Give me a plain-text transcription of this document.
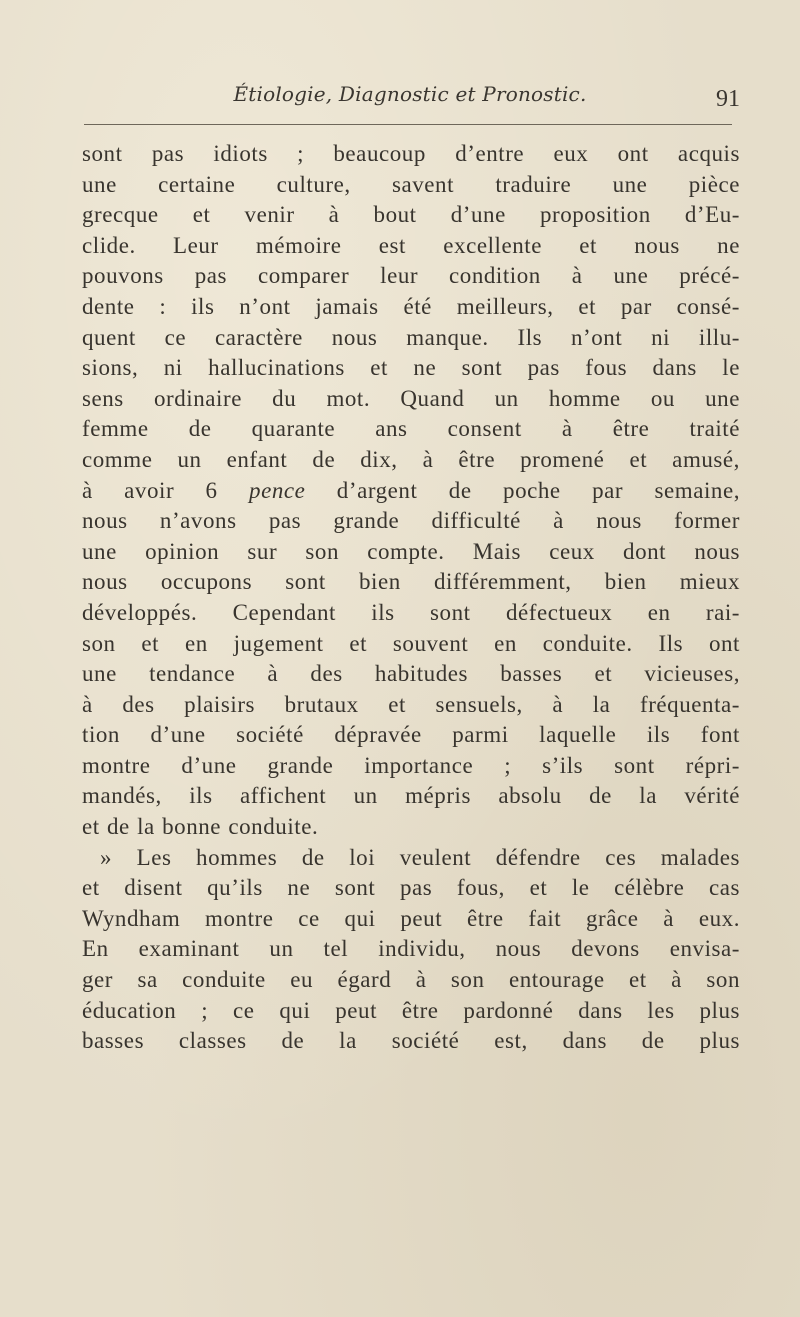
Étiologie, Diagnostic et Pronostic.	91
sont pas idiots ; beaucoup d’entre eux ont acquis
une certaine culture, savent traduire une pièce
grecque et venir à bout d’une proposition d’Eu-
clide. Leur mémoire est excellente et nous ne
pouvons pas comparer leur condition à une précé-
dente : ils n’ont jamais été meilleurs, et par consé-
quent ce caractère nous manque. Ils n’ont ni illu-
sions, ni hallucinations et ne sont pas fous dans le
sens ordinaire du mot. Quand un homme ou une
femme de quarante ans consent à être traité
comme un enfant de dix, à être promené et amusé,
à avoir 6 pence d’argent de poche par semaine,
nous n’avons pas grande difficulté à nous former
une opinion sur son compte. Mais ceux dont nous
nous occupons sont bien différemment, bien mieux
développés. Cependant ils sont défectueux en rai-
son et en jugement et souvent en conduite. Ils ont
une tendance à des habitudes basses et vicieuses,
à des plaisirs brutaux et sensuels, à la fréquenta-
tion d’une société dépravée parmi laquelle ils font
montre d’une grande importance ; s’ils sont répri-
mandés, ils affichent un mépris absolu de la vérité
et de la bonne conduite.
» Les hommes de loi veulent défendre ces malades
et disent qu’ils ne sont pas fous, et le célèbre cas
Wyndham montre ce qui peut être fait grâce à eux.
En examinant un tel individu, nous devons envisa-
ger sa conduite eu égard à son entourage et à son
éducation ; ce qui peut être pardonné dans les plus
basses classes de la société est, dans de plus
